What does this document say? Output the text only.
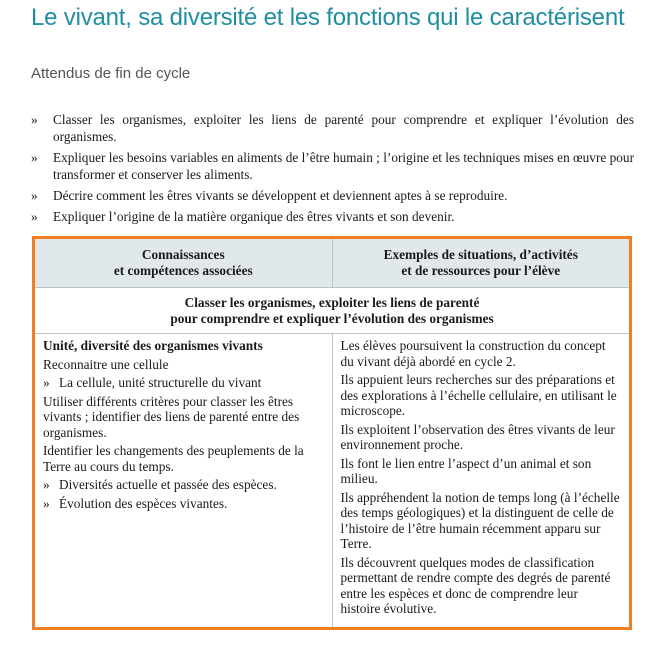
Le vivant, sa diversité et les fonctions qui le caractérisent
Attendus de fin de cycle
» Classer les organismes, exploiter les liens de parenté pour comprendre et expliquer l’évolution des organismes.
» Expliquer les besoins variables en aliments de l’être humain ; l’origine et les techniques mises en œuvre pour transformer et conserver les aliments.
» Décrire comment les êtres vivants se développent et deviennent aptes à se reproduire.
» Expliquer l’origine de la matière organique des êtres vivants et son devenir.
Connaissances
et compétences associées
Exemples de situations, d’activités
et de ressources pour l’élève
Classer les organismes, exploiter les liens de parenté
pour comprendre et expliquer l’évolution des organismes

Unité, diversité des organismes vivants

Reconnaitre une cellule

» La cellule, unité structurelle du vivant

Utiliser différents critères pour classer les êtres vivants ; identifier des liens de parenté entre des organismes.

Identifier les changements des peuplements de la Terre au cours du temps.

» Diversités actuelle et passée des espèces.

» Évolution des espèces vivantes.

Les élèves poursuivent la construction du concept du vivant déjà abordé en cycle 2.

Ils appuient leurs recherches sur des préparations et des explorations à l’échelle cellulaire, en utilisant le microscope.

Ils exploitent l’observation des êtres vivants de leur environnement proche.

Ils font le lien entre l’aspect d’un animal et son milieu.

Ils appréhendent la notion de temps long (à l’échelle des temps géologiques) et la distinguent de celle de l’histoire de l’être humain récemment apparu sur Terre.

Ils découvrent quelques modes de classification permettant de rendre compte des degrés de parenté entre les espèces et donc de comprendre leur histoire évolutive.
